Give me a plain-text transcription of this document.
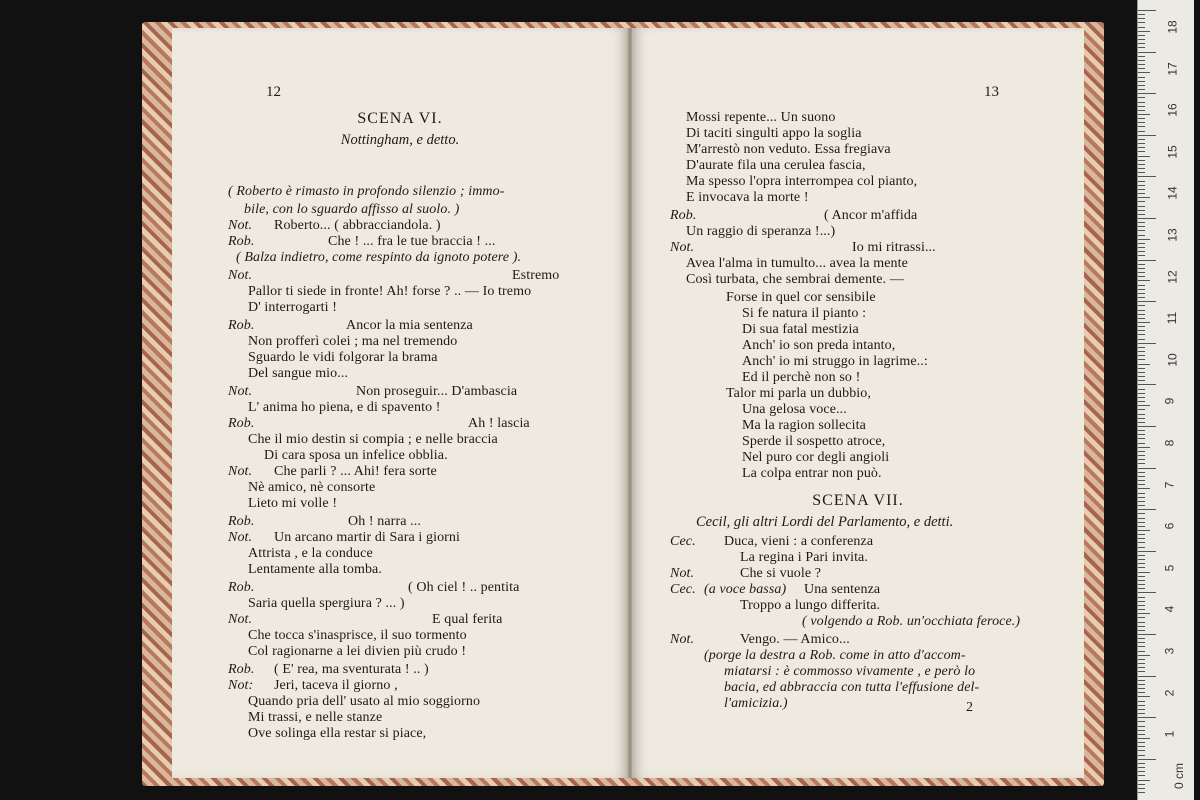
12
SCENA VI.
Nottingham, e detto.
( Roberto è rimasto in profondo silenzio ; immo-
bile, con lo sguardo affisso al suolo. )
Not. Roberto... ( abbracciandola. )
Rob.	Che ! ... fra le tue braccia ! ...
( Balza indietro, come respinto da ignoto potere ).
Not.	Estremo
Pallor ti siede in fronte! Ah! forse ? .. — Io tremo
D' interrogarti !
Rob.	Ancor la mia sentenza
Non profferì colei ; ma nel tremendo
Sguardo le vidi folgorar la brama
Del sangue mio...
Not.	Non proseguir... D'ambascia
L' anima ho piena, e di spavento !
Rob.	Ah ! lascia
Che il mio destin si compia ; e nelle braccia
Di cara sposa un infelice obblia.
Not. Che parli ? ... Ahi! fera sorte
Nè amico, nè consorte
Lieto mi volle !
Rob.	Oh ! narra ...
Not. Un arcano martir di Sara i giorni
Attrista , e la conduce
Lentamente alla tomba.
Rob.	( Oh ciel ! .. pentita
Saria quella spergiura ? ... )
Not.	E qual ferita
Che tocca s'inasprisce, il suo tormento
Col ragionarne a lei divien più crudo !
Rob. ( E' rea, ma sventurata ! .. )
Not: Jeri, taceva il giorno ,
Quando pria dell' usato al mio soggiorno
Mi trassi, e nelle stanze
Ove solinga ella restar si piace,
13
Mossi repente... Un suono
Di taciti singulti appo la soglia
M'arrestò non veduto. Essa fregiava
D'aurate fila una cerulea fascia,
Ma spesso l'opra interrompea col pianto,
E invocava la morte !
Rob.	( Ancor m'affida
Un raggio di speranza !...)
Not.	Io mi ritrassi...
Avea l'alma in tumulto... avea la mente
Così turbata, che sembrai demente. —
Forse in quel cor sensibile
Si fe natura il pianto :
Di sua fatal mestizia
Anch' io son preda intanto,
Anch' io mi struggo in lagrime..:
Ed il perchè non so !
Talor mi parla un dubbio,
Una gelosa voce...
Ma la ragion sollecita
Sperde il sospetto atroce,
Nel puro cor degli angioli
La colpa entrar non può.
SCENA VII.
Cecil, gli altri Lordi del Parlamento, e detti.
Cec. Duca, vieni : a conferenza
La regina i Pari invita.
Not.	Che si vuole ?
Cec. (a voce bassa) Una sentenza
Troppo a lungo differita.
( volgendo a Rob. un'occhiata feroce.)
Not.	Vengo. — Amico...
(porge la destra a Rob. come in atto d'accom-
miatarsi : è commosso vivamente , e però lo
bacia, ed abbraccia con tutta l'effusione del-
l'amicizia.)	2
18
17
16
15
14
13
12
11
10
9
8
7
6
5
4
3
2
1
0 cm
